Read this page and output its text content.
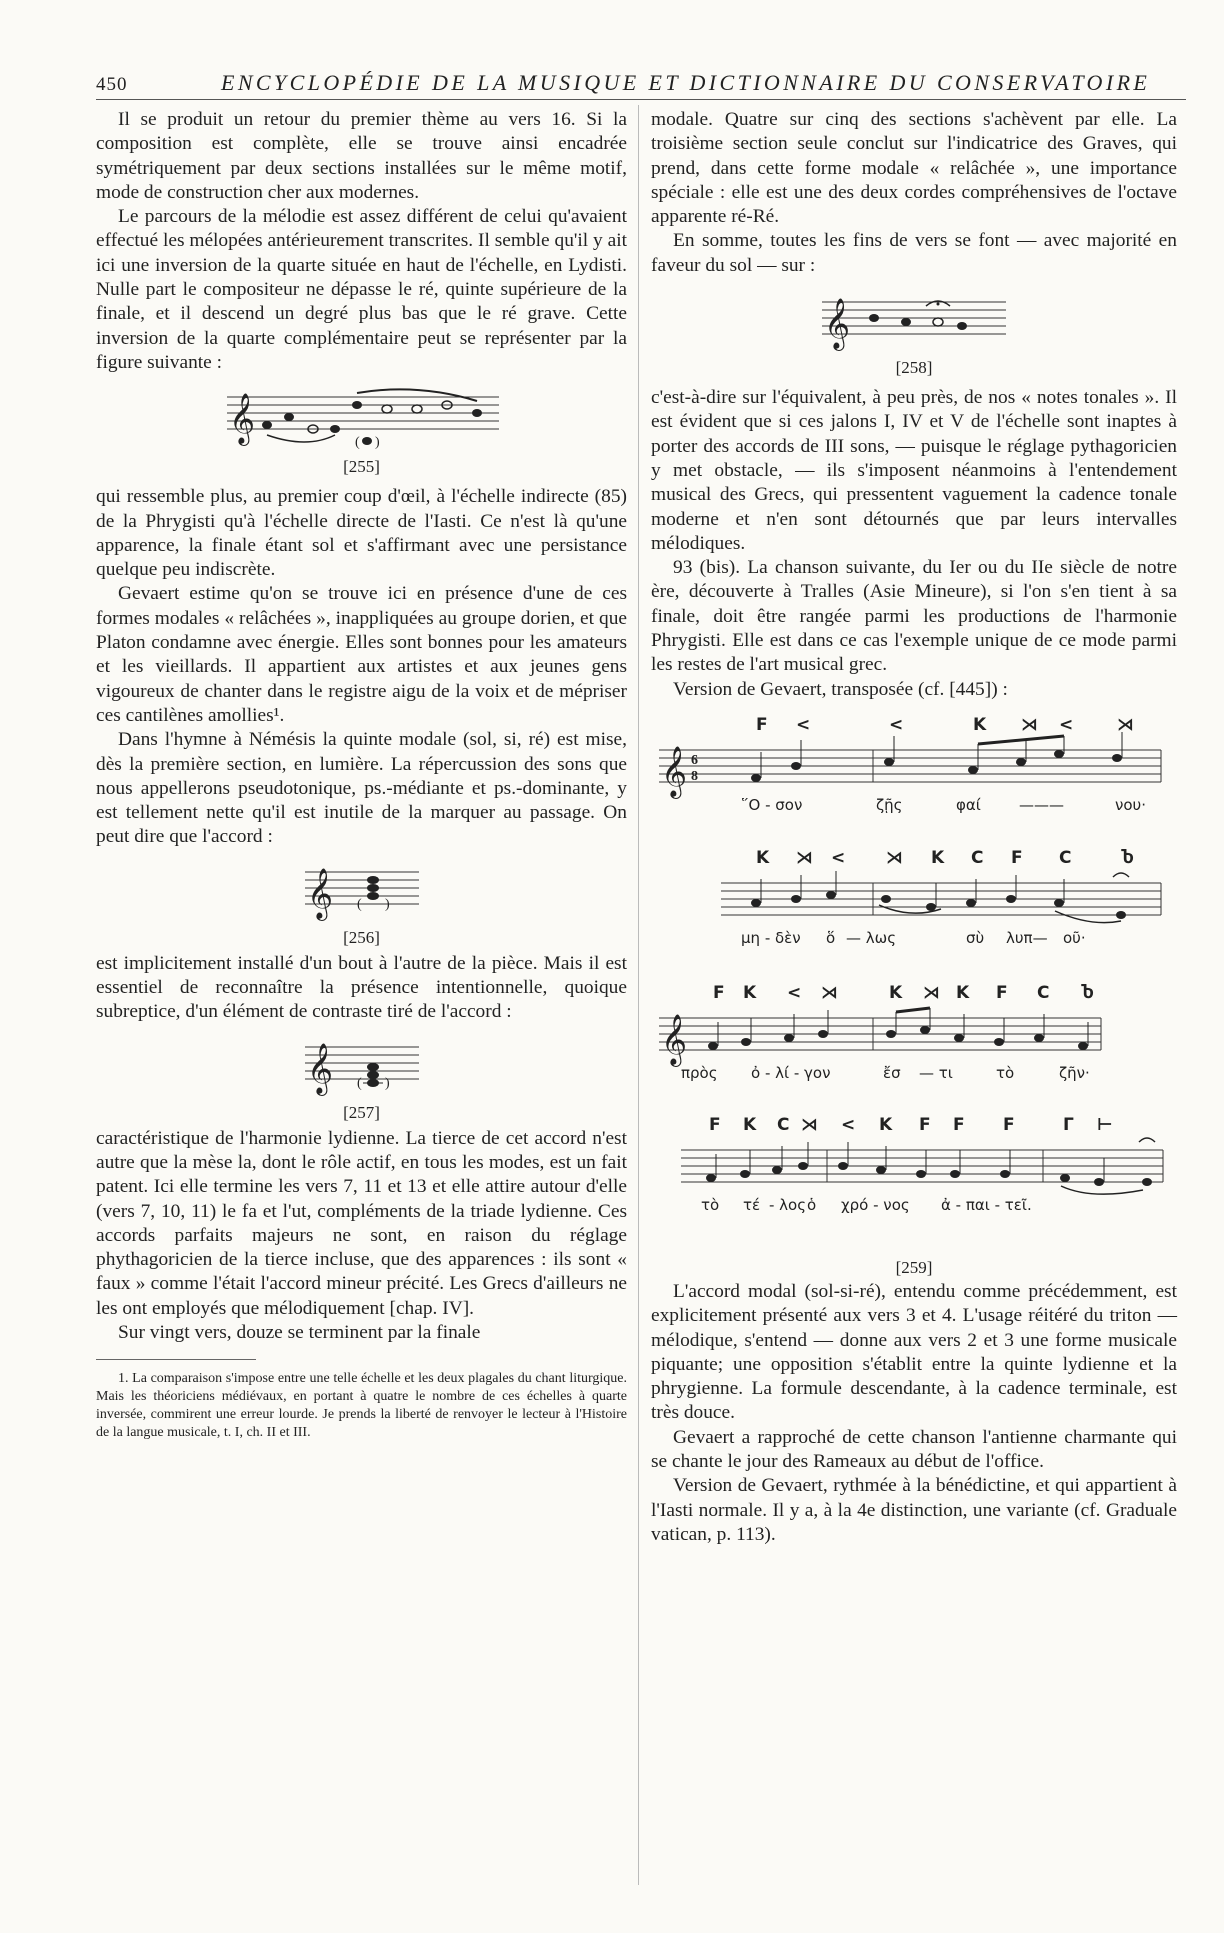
450	ENCYCLOPÉDIE DE LA MUSIQUE ET DICTIONNAIRE DU CONSERVATOIRE

Il se produit un retour du premier thème au vers 16. Si la composition est complète, elle se trouve ainsi encadrée symétriquement par deux sections installées sur le même motif, mode de construction cher aux modernes.

Le parcours de la mélodie est assez différent de celui qu'avaient effectué les mélopées antérieurement transcrites. Il semble qu'il y ait ici une inversion de la quarte située en haut de l'échelle, en Lydisti. Nulle part le compositeur ne dépasse le ré, quinte supérieure de la finale, et il descend un degré plus bas que le ré grave. Cette inversion de la quarte complémentaire peut se représenter par la figure suivante :

𝄞	( )
[255]

qui ressemble plus, au premier coup d'œil, à l'échelle indirecte (85) de la Phrygisti qu'à l'échelle directe de l'Iasti. Ce n'est là qu'une apparence, la finale étant sol et s'affirmant avec une persistance quelque peu indiscrète.

Gevaert estime qu'on se trouve ici en présence d'une de ces formes modales « relâchées », inappliquées au groupe dorien, et que Platon condamne avec énergie. Elles sont bonnes pour les amateurs et les vieillards. Il appartient aux artistes et aux jeunes gens vigoureux de chanter dans le registre aigu de la voix et de mépriser ces cantilènes amollies¹.

Dans l'hymne à Némésis la quinte modale (sol, si, ré) est mise, dès la première section, en lumière. La répercussion des sons que nous appellerons pseudotonique, ps.-médiante et ps.-dominante, y est tellement nette qu'il est inutile de la marquer au passage. On peut dire que l'accord :

𝄞 ( )
[256]

est implicitement installé d'un bout à l'autre de la pièce. Mais il est essentiel de reconnaître la présence intentionnelle, quoique subreptice, d'un élément de contraste tiré de l'accord :

𝄞 ( )
[257]

caractéristique de l'harmonie lydienne. La tierce de cet accord n'est autre que la mèse la, dont le rôle actif, en tous les modes, est un fait patent. Ici elle termine les vers 7, 11 et 13 et elle attire autour d'elle (vers 7, 10, 11) le fa et l'ut, compléments de la triade lydienne. Ces accords parfaits majeurs ne sont, en raison du réglage phythagoricien de la tierce incluse, que des apparences : ils sont « faux » comme l'était l'accord mineur précité. Les Grecs d'ailleurs ne les ont employés que mélodiquement [chap. IV].

Sur vingt vers, douze se terminent par la finale

1. La comparaison s'impose entre une telle échelle et les deux plagales du chant liturgique. Mais les théoriciens médiévaux, en portant à quatre le nombre de ces échelles à quarte inversée, commirent une erreur lourde. Je prends la liberté de renvoyer le lecteur à l'Histoire de la langue musicale, t. I, ch. II et III.

modale. Quatre sur cinq des sections s'achèvent par elle. La troisième section seule conclut sur l'indicatrice des Graves, qui prend, dans cette forme modale « relâchée », une importance spéciale : elle est une des deux cordes compréhensives de l'octave apparente ré-Ré.

En somme, toutes les fins de vers se font — avec majorité en faveur du sol — sur :

𝄞
[258]

c'est-à-dire sur l'équivalent, à peu près, de nos « notes tonales ». Il est évident que si ces jalons I, IV et V de l'échelle sont inaptes à porter des accords de III sons, — puisque le réglage pythagoricien y met obstacle, — ils s'imposent néanmoins à l'entendement musical des Grecs, qui pressentent vaguement la cadence tonale moderne et n'en sont détournés que par leurs intervalles mélodiques.

93 (bis). La chanson suivante, du Ier ou du IIe siècle de notre ère, découverte à Tralles (Asie Mineure), si l'on s'en tient à sa finale, doit être rangée parmi les productions de l'harmonie Phrygisti. Elle est dans ce cas l'exemple unique de ce mode parmi les restes de l'art musical grec.

Version de Gevaert, transposée (cf. [445]) :

F <	<	K ⋊ <	⋊
𝄞 6
8
῞Ο - σον	ζῇς	φαί	———	νου·
K ⋊ < ⋊ K C F C	Ⴆ
μη - δὲν ὅ — λως	σὺ λυπ— οῦ·
F K < ⋊	K ⋊ K F C Ⴆ
𝄞
πρὸς ὀ - λί - γον	ἔσ — τι	τὸ	ζῆν·
F K C ⋊ < K F F F	Γ ⊢
τὸ τέ - λος ὁ χρό - νος ἀ - παι - τεῖ.
[259]

L'accord modal (sol-si-ré), entendu comme précédemment, est explicitement présenté aux vers 3 et 4. L'usage réitéré du triton — mélodique, s'entend — donne aux vers 2 et 3 une forme musicale piquante; une opposition s'établit entre la quinte lydienne et la phrygienne. La formule descendante, à la cadence terminale, est très douce.

Gevaert a rapproché de cette chanson l'antienne charmante qui se chante le jour des Rameaux au début de l'office.

Version de Gevaert, rythmée à la bénédictine, et qui appartient à l'Iasti normale. Il y a, à la 4e distinction, une variante (cf. Graduale vatican, p. 113).
